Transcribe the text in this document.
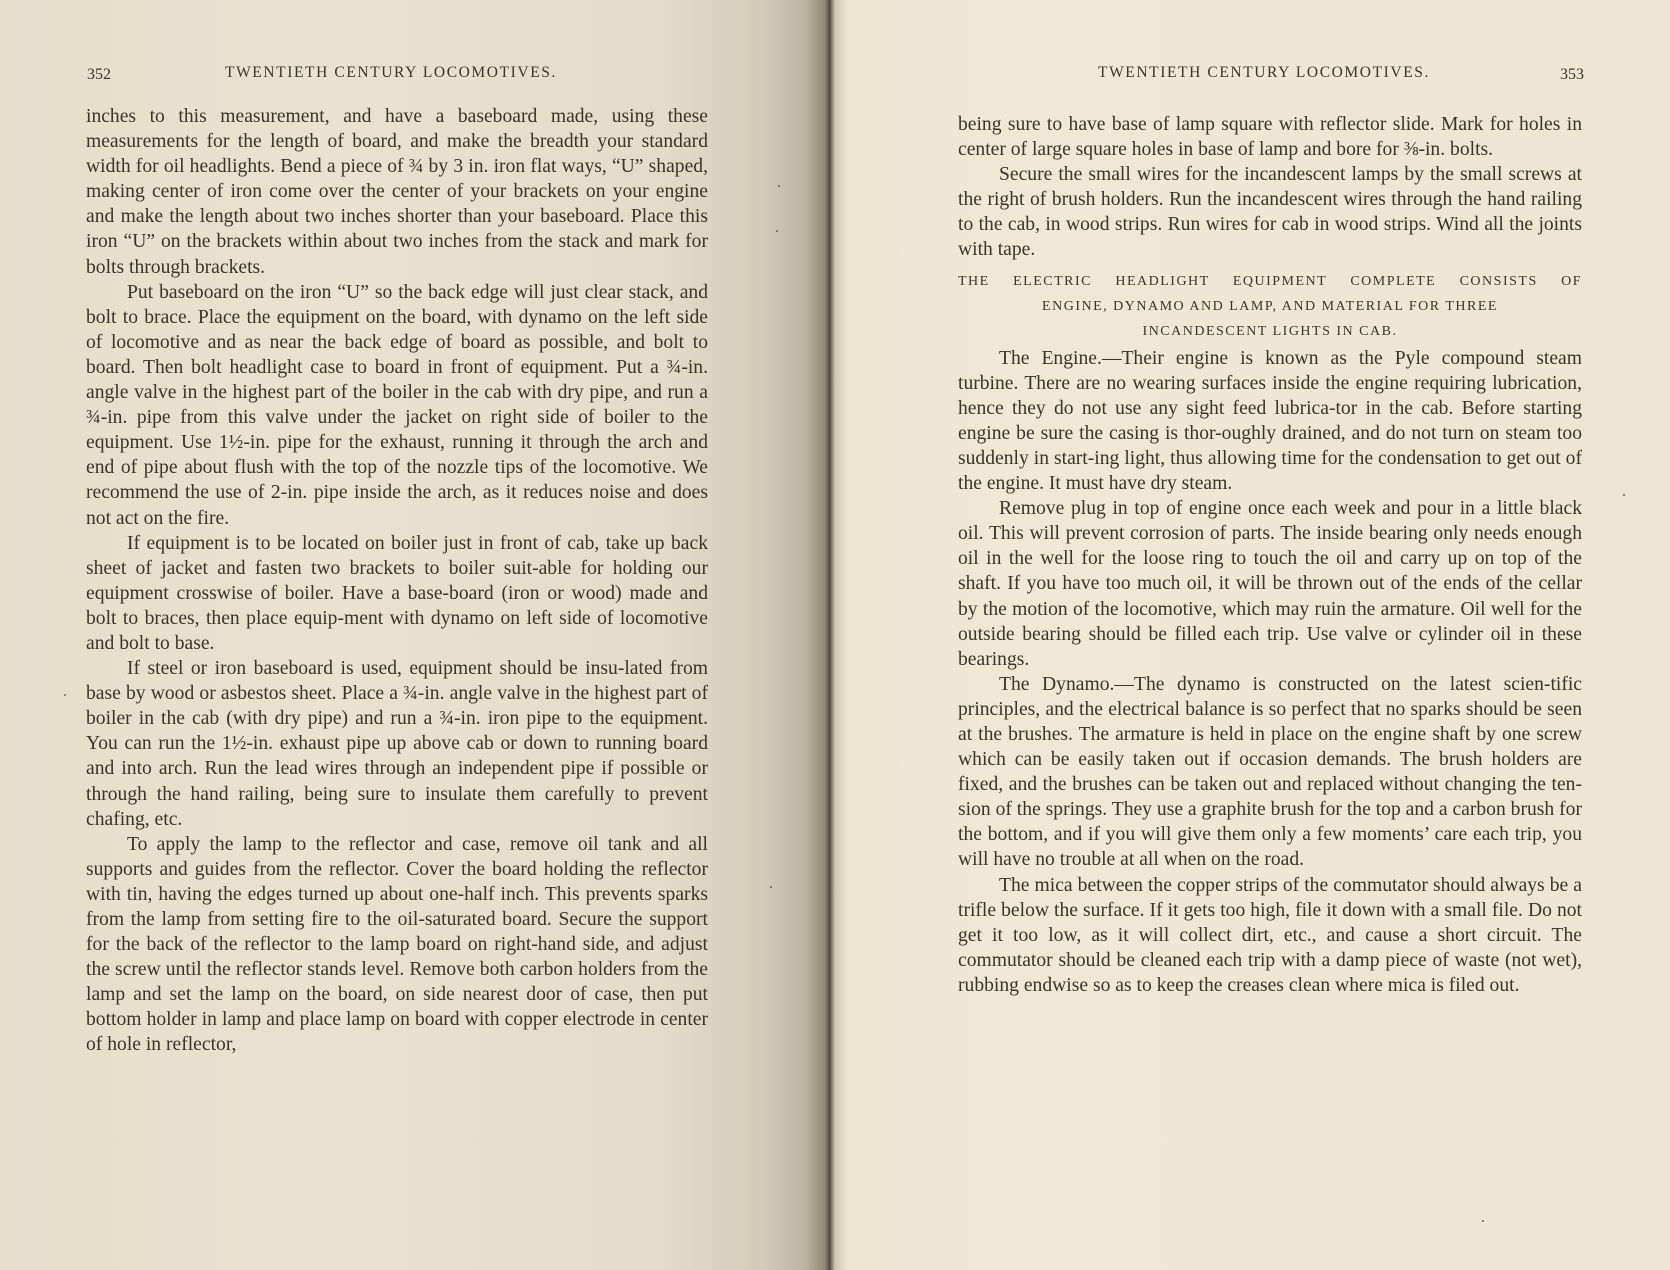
352	TWENTIETH CENTURY LOCOMOTIVES.

inches to this measurement, and have a baseboard made, using these measurements for the length of board, and make the breadth your standard width for oil headlights. Bend a piece of ¾ by 3 in. iron flat ways, “U” shaped, making center of iron come over the center of your brackets on your engine and make the length about two inches shorter than your baseboard. Place this iron “U” on the brackets within about two inches from the stack and mark for bolts through brackets.

Put baseboard on the iron “U” so the back edge will just clear stack, and bolt to brace. Place the equipment on the board, with dynamo on the left side of locomotive and as near the back edge of board as possible, and bolt to board. Then bolt headlight case to board in front of equipment. Put a ¾-in. angle valve in the highest part of the boiler in the cab with dry pipe, and run a ¾-in. pipe from this valve under the jacket on right side of boiler to the equipment. Use 1½-in. pipe for the exhaust, running it through the arch and end of pipe about flush with the top of the nozzle tips of the locomotive. We recommend the use of 2-in. pipe inside the arch, as it reduces noise and does not act on the fire.

If equipment is to be located on boiler just in front of cab, take up back sheet of jacket and fasten two brackets to boiler suit-able for holding our equipment crosswise of boiler. Have a base-board (iron or wood) made and bolt to braces, then place equip-ment with dynamo on left side of locomotive and bolt to base.

If steel or iron baseboard is used, equipment should be insu-lated from base by wood or asbestos sheet. Place a ¾-in. angle valve in the highest part of boiler in the cab (with dry pipe) and run a ¾-in. iron pipe to the equipment. You can run the 1½-in. exhaust pipe up above cab or down to running board and into arch. Run the lead wires through an independent pipe if possible or through the hand railing, being sure to insulate them carefully to prevent chafing, etc.

To apply the lamp to the reflector and case, remove oil tank and all supports and guides from the reflector. Cover the board holding the reflector with tin, having the edges turned up about one-half inch. This prevents sparks from the lamp from setting fire to the oil-saturated board. Secure the support for the back of the reflector to the lamp board on right-hand side, and adjust the screw until the reflector stands level. Remove both carbon holders from the lamp and set the lamp on the board, on side nearest door of case, then put bottom holder in lamp and place lamp on board with copper electrode in center of hole in reflector,

TWENTIETH CENTURY LOCOMOTIVES.	353

being sure to have base of lamp square with reflector slide. Mark for holes in center of large square holes in base of lamp and bore for ⅜-in. bolts.

Secure the small wires for the incandescent lamps by the small screws at the right of brush holders. Run the incandescent wires through the hand railing to the cab, in wood strips. Run wires for cab in wood strips. Wind all the joints with tape.

THE ELECTRIC HEADLIGHT EQUIPMENT COMPLETE CONSISTS OF
ENGINE, DYNAMO AND LAMP, AND MATERIAL FOR THREE
INCANDESCENT LIGHTS IN CAB.

The Engine.—Their engine is known as the Pyle compound steam turbine. There are no wearing surfaces inside the engine requiring lubrication, hence they do not use any sight feed lubrica-tor in the cab. Before starting engine be sure the casing is thor-oughly drained, and do not turn on steam too suddenly in start-ing light, thus allowing time for the condensation to get out of the engine. It must have dry steam.

Remove plug in top of engine once each week and pour in a little black oil. This will prevent corrosion of parts. The inside bearing only needs enough oil in the well for the loose ring to touch the oil and carry up on top of the shaft. If you have too much oil, it will be thrown out of the ends of the cellar by the motion of the locomotive, which may ruin the armature. Oil well for the outside bearing should be filled each trip. Use valve or cylinder oil in these bearings.

The Dynamo.—The dynamo is constructed on the latest scien-tific principles, and the electrical balance is so perfect that no sparks should be seen at the brushes. The armature is held in place on the engine shaft by one screw which can be easily taken out if occasion demands. The brush holders are fixed, and the brushes can be taken out and replaced without changing the ten-sion of the springs. They use a graphite brush for the top and a carbon brush for the bottom, and if you will give them only a few moments’ care each trip, you will have no trouble at all when on the road.

The mica between the copper strips of the commutator should always be a trifle below the surface. If it gets too high, file it down with a small file. Do not get it too low, as it will collect dirt, etc., and cause a short circuit. The commutator should be cleaned each trip with a damp piece of waste (not wet), rubbing endwise so as to keep the creases clean where mica is filed out.
